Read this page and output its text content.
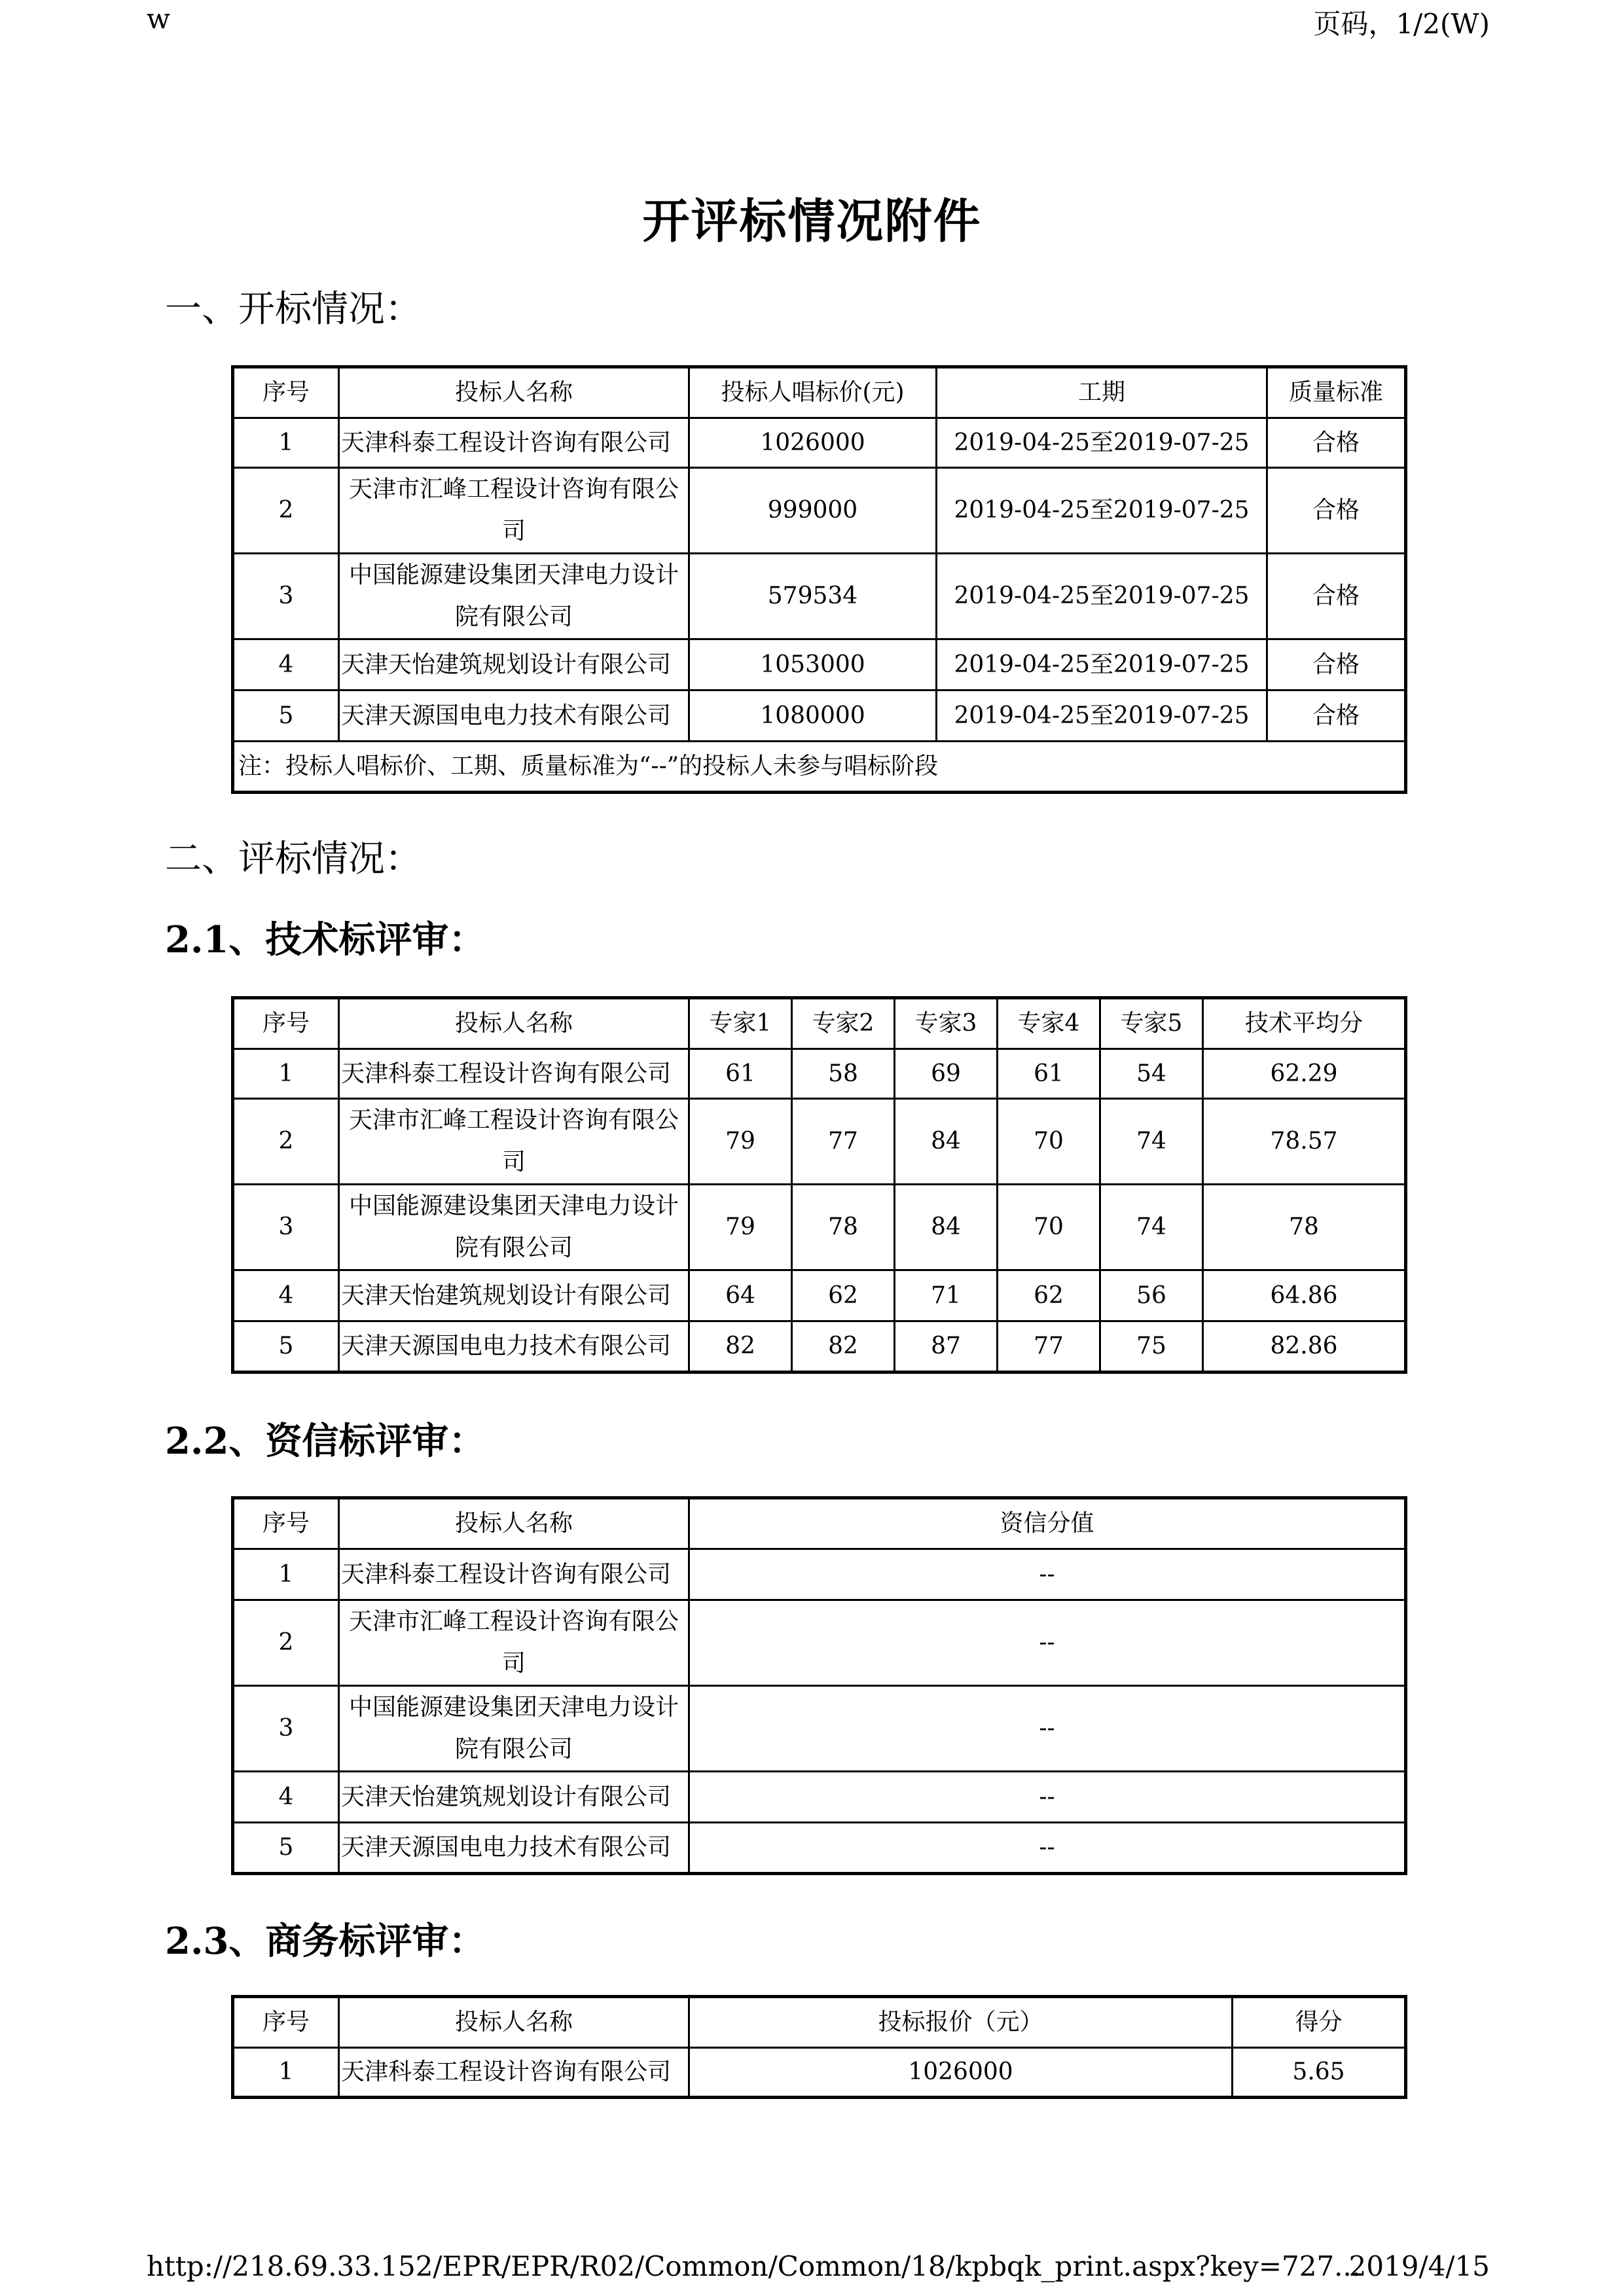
w	页码，1/2(W)
开评标情况附件
一、开标情况：
序号	投标人名称	投标人唱标价(元)	工期	质量标准
1	天津科泰工程设计咨询有限公司	1026000	2019-04-25至2019-07-25	合格
2	天津市汇峰工程设计咨询有限公司	999000	2019-04-25至2019-07-25	合格
3	中国能源建设集团天津电力设计院有限公司	579534	2019-04-25至2019-07-25	合格
4	天津天怡建筑规划设计有限公司	1053000	2019-04-25至2019-07-25	合格
5	天津天源国电电力技术有限公司	1080000	2019-04-25至2019-07-25	合格
注：投标人唱标价、工期、质量标准为“--”的投标人未参与唱标阶段				
二、评标情况：
2.1、技术标评审：
序号	投标人名称	专家1	专家2	专家3	专家4	专家5	技术平均分
1	天津科泰工程设计咨询有限公司	61	58	69	61	54	62.29
2	天津市汇峰工程设计咨询有限公司	79	77	84	70	74	78.57
3	中国能源建设集团天津电力设计院有限公司	79	78	84	70	74	78
4	天津天怡建筑规划设计有限公司	64	62	71	62	56	64.86
5	天津天源国电电力技术有限公司	82	82	87	77	75	82.86
2.2、资信标评审：
序号	投标人名称	资信分值
1	天津科泰工程设计咨询有限公司	--
2	天津市汇峰工程设计咨询有限公司	--
3	中国能源建设集团天津电力设计院有限公司	--
4	天津天怡建筑规划设计有限公司	--
5	天津天源国电电力技术有限公司	--
2.3、商务标评审：
序号	投标人名称	投标报价（元）	得分
1	天津科泰工程设计咨询有限公司	1026000	5.65
http://218.69.33.152/EPR/EPR/R02/Common/Common/18/kpbqk_print.aspx?key=727...
2019/4/15
